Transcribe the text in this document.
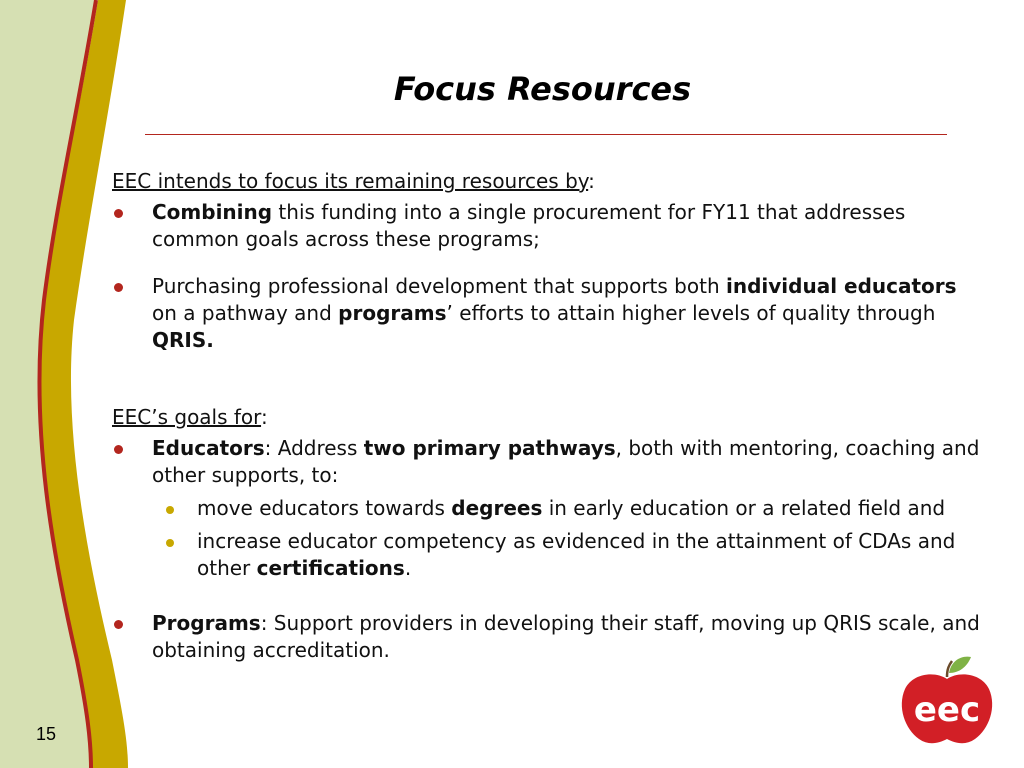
Focus Resources

EEC intends to focus its remaining resources by:

Combining this funding into a single procurement for FY11 that addresses common goals across these programs;
Purchasing professional development that supports both individual educators on a pathway and programs’ efforts to attain higher levels of quality through QRIS.

EEC’s goals for:

Educators: Address two primary pathways, both with mentoring, coaching and other supports, to:
move educators towards degrees in early education or a related field and
increase educator competency as evidenced in the attainment of CDAs and other certifications.
Programs: Support providers in developing their staff, moving up QRIS scale, and obtaining accreditation.
15
eec
